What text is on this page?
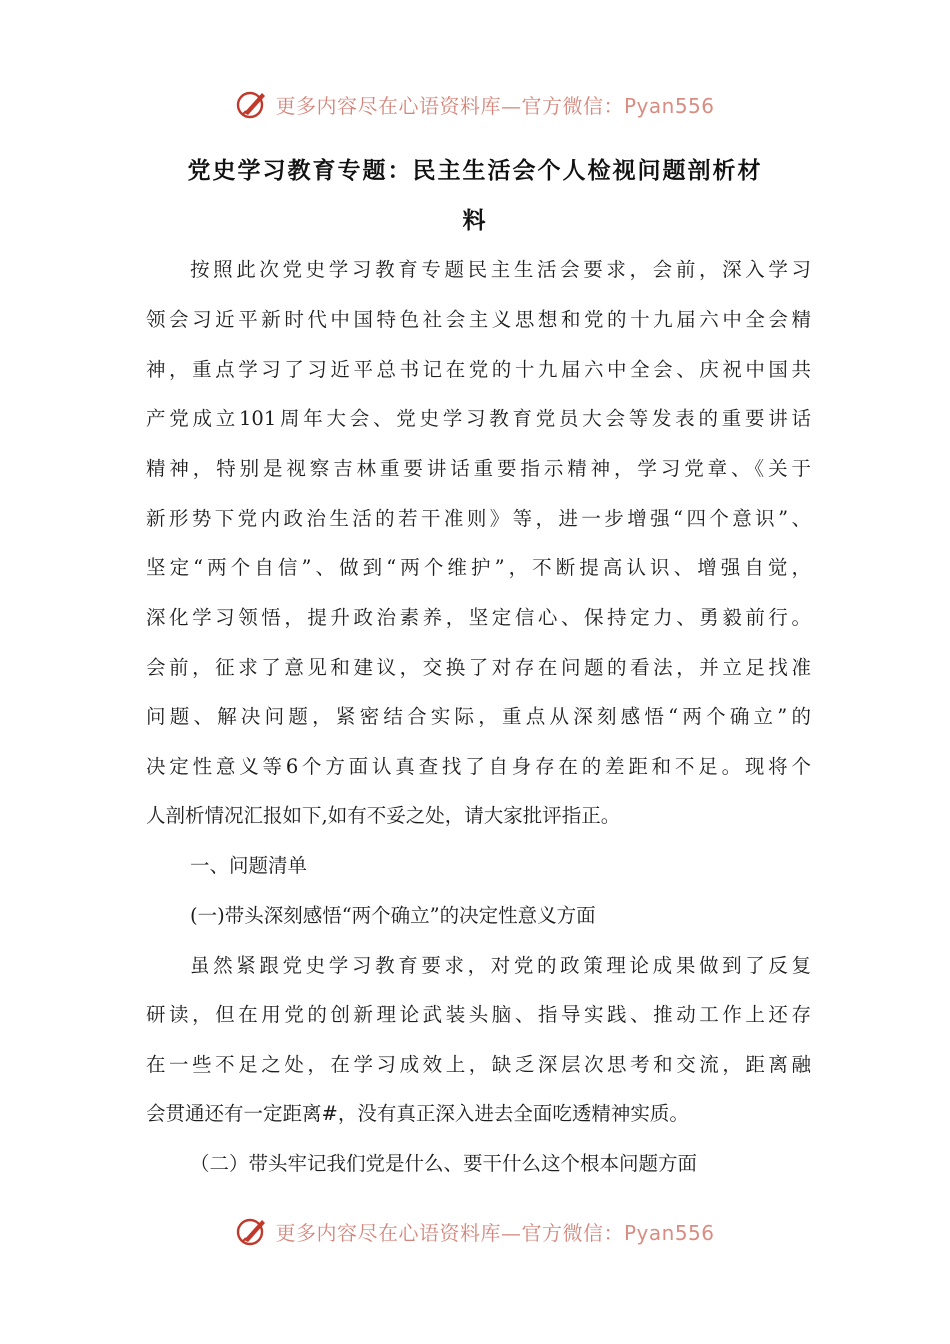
更多内容尽在心语资料库—官方微信：Pyan556
党史学习教育专题：民主生活会个人检视问题剖析材
料

按照此次党史学习教育专题民主生活会要求，会前，深入学习

领会习近平新时代中国特色社会主义思想和党的十九届六中全会精

神，重点学习了习近平总书记在党的十九届六中全会、庆祝中国共

产党成立101周年大会、党史学习教育党员大会等发表的重要讲话

精神，特别是视察吉林重要讲话重要指示精神，学习党章、《关于

新形势下党内政治生活的若干准则》等，进一步增强“四个意识”、

坚定“两个自信”、做到“两个维护”，不断提高认识、增强自觉，

深化学习领悟，提升政治素养，坚定信心、保持定力、勇毅前行。

会前，征求了意见和建议，交换了对存在问题的看法，并立足找准

问题、解决问题，紧密结合实际，重点从深刻感悟“两个确立”的

决定性意义等6个方面认真查找了自身存在的差距和不足。现将个

人剖析情况汇报如下,如有不妥之处，请大家批评指正。

一、问题清单

(一)带头深刻感悟“两个确立”的决定性意义方面

虽然紧跟党史学习教育要求，对党的政策理论成果做到了反复

研读，但在用党的创新理论武装头脑、指导实践、推动工作上还存

在一些不足之处，在学习成效上，缺乏深层次思考和交流，距离融

会贯通还有一定距离#，没有真正深入进去全面吃透精神实质。

（二）带头牢记我们党是什么、要干什么这个根本问题方面

更多内容尽在心语资料库—官方微信：Pyan556
